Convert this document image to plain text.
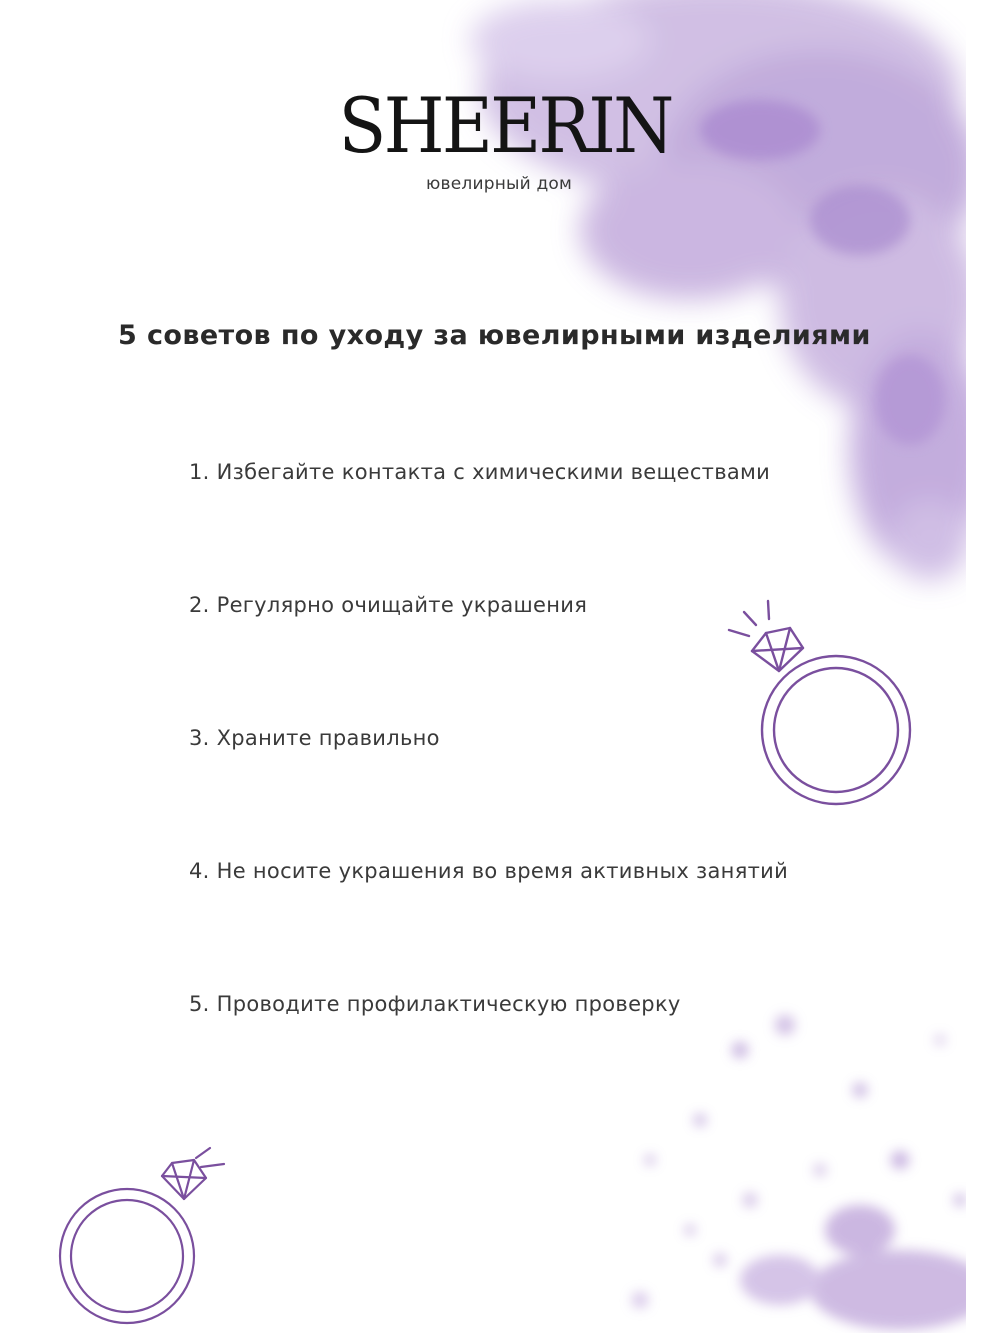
SHEERIN
ювелирный дом
5 советов по уходу за ювелирными изделиями
1. Избегайте контакта с химическими веществами
2. Регулярно очищайте украшения
3. Храните правильно
4. Не носите украшения во время активных занятий
5. Проводите профилактическую проверку
